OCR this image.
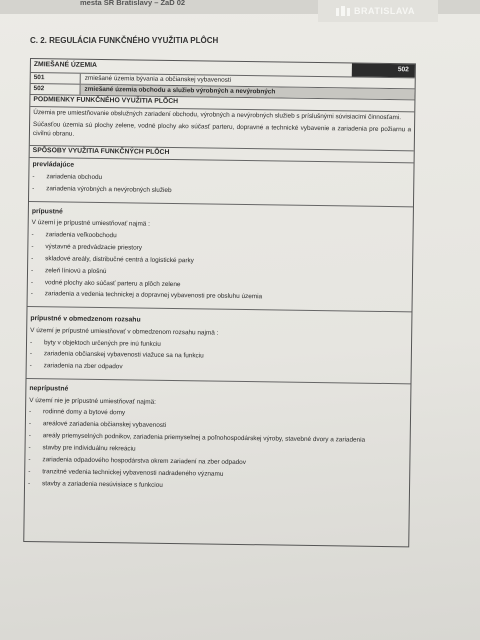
mesta SR Bratislavy – ZaD 02
BRATISLAVA
C. 2. REGULÁCIA FUNKČNÉHO VYUŽITIA PLÔCH
ZMIEŠANÉ ÚZEMIA
502
501	zmiešané územia bývania a občianskej vybavenosti
502	zmiešané územia obchodu a služieb výrobných a nevýrobných
PODMIENKY FUNKČNÉHO VYUŽITIA PLÔCH

Územia pre umiestňovanie obslužných zariadení obchodu, výrobných a nevýrobných služieb s príslušnými súvisiacimi činnosťami.

Súčasťou územia sú plochy zelene, vodné plochy ako súčasť parteru, dopravné a technické vybavenie a zariadenia pre požiarnu a civilnú obranu.

SPÔSOBY VYUŽITIA FUNKČNÝCH PLÔCH
prevládajúce
-	zariadenia obchodu
-	zariadenia výrobných a nevýrobných služieb
prípustné
V území je prípustné umiestňovať najmä :
-	zariadenia veľkoobchodu
-	výstavné a predvádzacie priestory
-	skladové areály, distribučné centrá a logistické parky
-	zeleň líniovú a plošnú
-	vodné plochy ako súčasť parteru a plôch zelene
-	zariadenia a vedenia technickej a dopravnej vybavenosti pre obsluhu územia
prípustné v obmedzenom rozsahu
V území je prípustné umiestňovať v obmedzenom rozsahu najmä :
-	byty v objektoch určených pre inú funkciu
-	zariadenia občianskej vybavenosti viažuce sa na funkciu
-	zariadenia na zber odpadov
neprípustné
V území nie je prípustné umiestňovať najmä:
-	rodinné domy a bytové domy
-	areálové zariadenia občianskej vybavenosti
-	areály priemyselných podnikov, zariadenia priemyselnej a poľnohospodárskej výroby, stavebné dvory a zariadenia
-	stavby pre individuálnu rekreáciu
-	zariadenia odpadového hospodárstva okrem zariadení na zber odpadov
-	tranzitné vedenia technickej vybavenosti nadradeného významu
-	stavby a zariadenia nesúvisiace s funkciou
